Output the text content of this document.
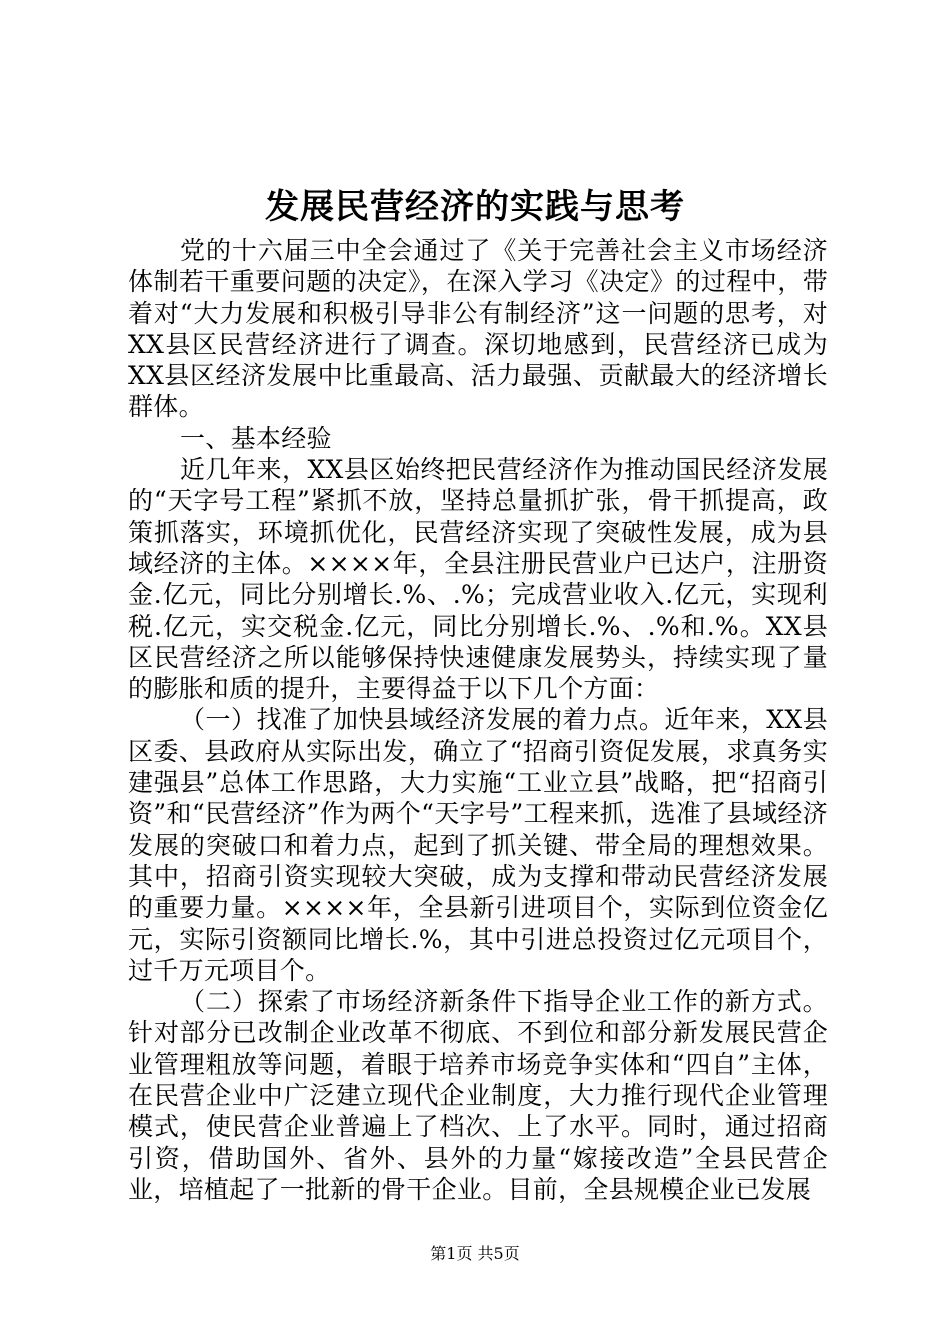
发展民营经济的实践与思考

党的十六届三中全会通过了《关于完善社会主义市场经济体制若干重要问题的决定》，在深入学习《决定》的过程中，带着对“大力发展和积极引导非公有制经济”这一问题的思考，对XX县区民营经济进行了调查。深切地感到，民营经济已成为XX县区经济发展中比重最高、活力最强、贡献最大的经济增长群体。

一、基本经验

近几年来，XX县区始终把民营经济作为推动国民经济发展的“天字号工程”紧抓不放，坚持总量抓扩张，骨干抓提高，政策抓落实，环境抓优化，民营经济实现了突破性发展，成为县域经济的主体。××××年，全县注册民营业户已达户，注册资金.亿元，同比分别增长.%、.%；完成营业收入.亿元，实现利税.亿元，实交税金.亿元，同比分别增长.%、.%和.%。XX县区民营经济之所以能够保持快速健康发展势头，持续实现了量的膨胀和质的提升，主要得益于以下几个方面：

（一）找准了加快县域经济发展的着力点。近年来，XX县区委、县政府从实际出发，确立了“招商引资促发展，求真务实建强县”总体工作思路，大力实施“工业立县”战略，把“招商引资”和“民营经济”作为两个“天字号”工程来抓，选准了县域经济发展的突破口和着力点，起到了抓关键、带全局的理想效果。其中，招商引资实现较大突破，成为支撑和带动民营经济发展的重要力量。××××年，全县新引进项目个，实际到位资金亿元，实际引资额同比增长.%，其中引进总投资过亿元项目个，过千万元项目个。

（二）探索了市场经济新条件下指导企业工作的新方式。针对部分已改制企业改革不彻底、不到位和部分新发展民营企业管理粗放等问题，着眼于培养市场竞争实体和“四自”主体，在民营企业中广泛建立现代企业制度，大力推行现代企业管理模式，使民营企业普遍上了档次、上了水平。同时，通过招商引资，借助国外、省外、县外的力量“嫁接改造”全县民营企业，培植起了一批新的骨干企业。目前，全县规模企业已发展

第1页 共5页
